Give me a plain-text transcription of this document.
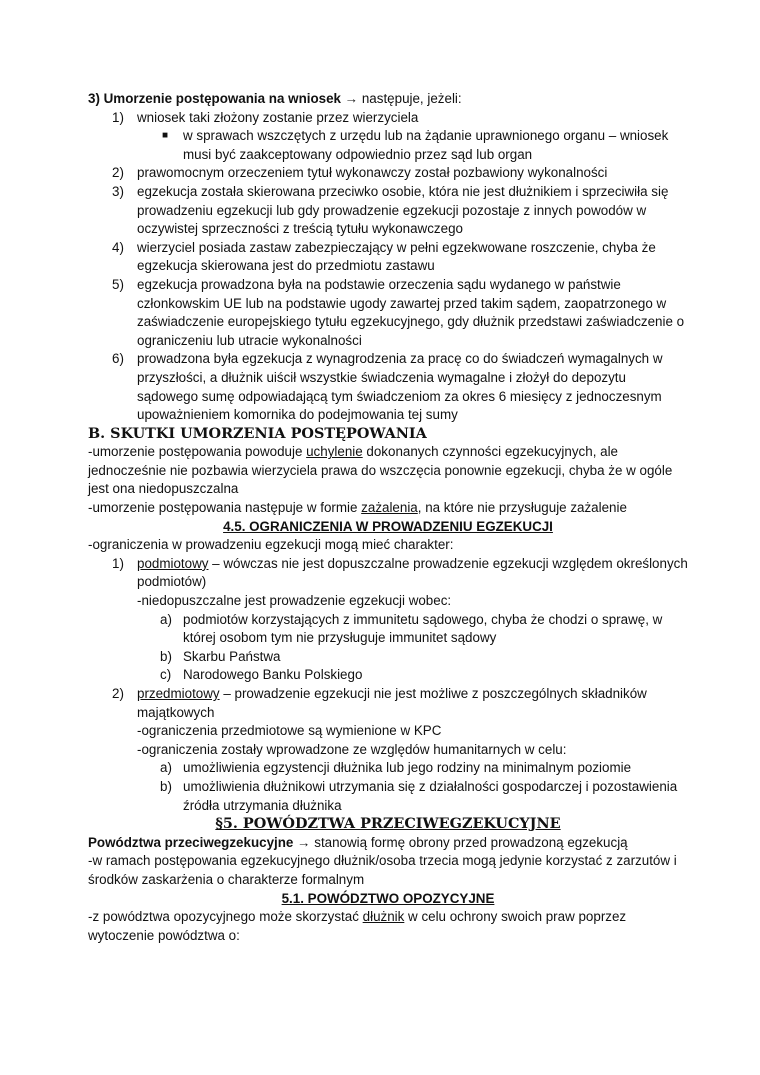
3) Umorzenie postępowania na wniosek → następuje, jeżeli:

1) wniosek taki złożony zostanie przez wierzyciela
■ w sprawach wszczętych z urzędu lub na żądanie uprawnionego organu – wniosek musi być zaakceptowany odpowiednio przez sąd lub organ
2) prawomocnym orzeczeniem tytuł wykonawczy został pozbawiony wykonalności
3) egzekucja została skierowana przeciwko osobie, która nie jest dłużnikiem i sprzeciwiła się prowadzeniu egzekucji lub gdy prowadzenie egzekucji pozostaje z innych powodów w oczywistej sprzeczności z treścią tytułu wykonawczego
4) wierzyciel posiada zastaw zabezpieczający w pełni egzekwowane roszczenie, chyba że egzekucja skierowana jest do przedmiotu zastawu
5) egzekucja prowadzona była na podstawie orzeczenia sądu wydanego w państwie członkowskim UE lub na podstawie ugody zawartej przed takim sądem, zaopatrzonego w zaświadczenie europejskiego tytułu egzekucyjnego, gdy dłużnik przedstawi zaświadczenie o ograniczeniu lub utracie wykonalności
6) prowadzona była egzekucja z wynagrodzenia za pracę co do świadczeń wymagalnych w przyszłości, a dłużnik uiścił wszystkie świadczenia wymagalne i złożył do depozytu sądowego sumę odpowiadającą tym świadczeniom za okres 6 miesięcy z jednoczesnym upoważnieniem komornika do podejmowania tej sumy

B. SKUTKI UMORZENIA POSTĘPOWANIA

-umorzenie postępowania powoduje uchylenie dokonanych czynności egzekucyjnych, ale jednocześnie nie pozbawia wierzyciela prawa do wszczęcia ponownie egzekucji, chyba że w ogóle jest ona niedopuszczalna

-umorzenie postępowania następuje w formie zażalenia, na które nie przysługuje zażalenie

4.5. OGRANICZENIA W PROWADZENIU EGZEKUCJI

-ograniczenia w prowadzeniu egzekucji mogą mieć charakter:

1) podmiotowy – wówczas nie jest dopuszczalne prowadzenie egzekucji względem określonych podmiotów)

-niedopuszczalne jest prowadzenie egzekucji wobec:

a) podmiotów korzystających z immunitetu sądowego, chyba że chodzi o sprawę, w której osobom tym nie przysługuje immunitet sądowy
b) Skarbu Państwa
c) Narodowego Banku Polskiego
2) przedmiotowy – prowadzenie egzekucji nie jest możliwe z poszczególnych składników majątkowych

-ograniczenia przedmiotowe są wymienione w KPC

-ograniczenia zostały wprowadzone ze względów humanitarnych w celu:

a) umożliwienia egzystencji dłużnika lub jego rodziny na minimalnym poziomie
b) umożliwienia dłużnikowi utrzymania się z działalności gospodarczej i pozostawienia źródła utrzymania dłużnika

§5. POWÓDZTWA PRZECIWEGZEKUCYJNE

Powództwa przeciwegzekucyjne → stanowią formę obrony przed prowadzoną egzekucją

-w ramach postępowania egzekucyjnego dłużnik/osoba trzecia mogą jedynie korzystać z zarzutów i środków zaskarżenia o charakterze formalnym

5.1. POWÓDZTWO OPOZYCYJNE

-z powództwa opozycyjnego może skorzystać dłużnik w celu ochrony swoich praw poprzez wytoczenie powództwa o:
